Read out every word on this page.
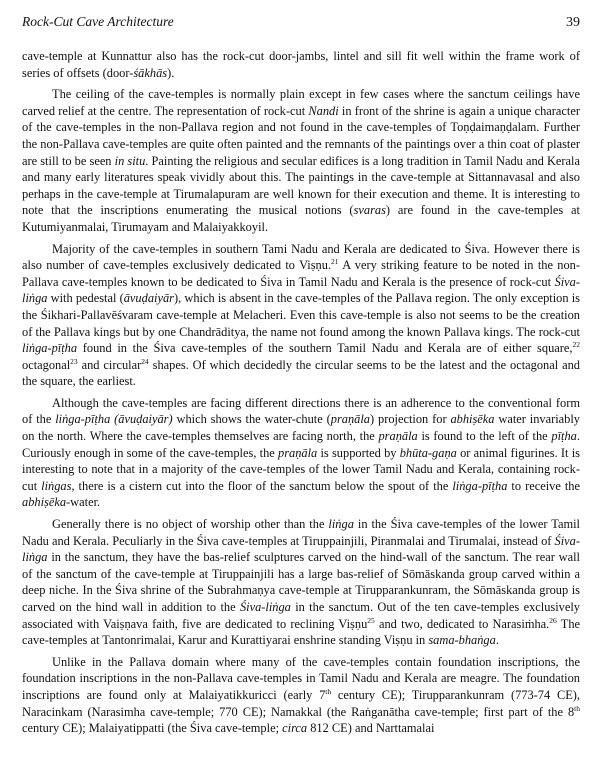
Rock-Cut Cave Architecture	39

cave-temple at Kunnattur also has the rock-cut door-jambs, lintel and sill fit well within the frame work of series of offsets (door-śākhās).

The ceiling of the cave-temples is normally plain except in few cases where the sanctum ceilings have carved relief at the centre. The representation of rock-cut Nandi in front of the shrine is again a unique character of the cave-temples in the non-Pallava region and not found in the cave-temples of Toṇḍaimaṇḍalam. Further the non-Pallava cave-temples are quite often painted and the remnants of the paintings over a thin coat of plaster are still to be seen in situ. Painting the religious and secular edifices is a long tradition in Tamil Nadu and Kerala and many early literatures speak vividly about this. The paintings in the cave-temple at Sittannavasal and also perhaps in the cave-temple at Tirumalapuram are well known for their execution and theme. It is interesting to note that the inscriptions enumerating the musical notions (svaras) are found in the cave-temples at Kutumiyanmalai, Tirumayam and Malaiyakkoyil.

Majority of the cave-temples in southern Tami Nadu and Kerala are dedicated to Śiva. However there is also number of cave-temples exclusively dedicated to Viṣṇu.$^{21}$ A very striking feature to be noted in the non-Pallava cave-temples known to be dedicated to Śiva in Tamil Nadu and Kerala is the presence of rock-cut Śiva-liṅga with pedestal (āvuḍaiyār), which is absent in the cave-temples of the Pallava region. The only exception is the Śikhari-Pallavēśvaram cave-temple at Melacheri. Even this cave-temple is also not seems to be the creation of the Pallava kings but by one Chandrāditya, the name not found among the known Pallava kings. The rock-cut liṅga-pīṭha found in the Śiva cave-temples of the southern Tamil Nadu and Kerala are of either square,$^{22}$ octagonal$^{23}$ and circular$^{24}$ shapes. Of which decidedly the circular seems to be the latest and the octagonal and the square, the earliest.

Although the cave-temples are facing different directions there is an adherence to the conventional form of the liṅga-pīṭha (āvuḍaiyār) which shows the water-chute (praṇāla) projection for abhiṣēka water invariably on the north. Where the cave-temples themselves are facing north, the praṇāla is found to the left of the pīṭha. Curiously enough in some of the cave-temples, the praṇāla is supported by bhūta-gaṇa or animal figurines. It is interesting to note that in a majority of the cave-temples of the lower Tamil Nadu and Kerala, containing rock-cut liṅgas, there is a cistern cut into the floor of the sanctum below the spout of the liṅga-pīṭha to receive the abhiṣēka-water.

Generally there is no object of worship other than the liṅga in the Śiva cave-temples of the lower Tamil Nadu and Kerala. Peculiarly in the Śiva cave-temples at Tiruppainjili, Piranmalai and Tirumalai, instead of Śiva-liṅga in the sanctum, they have the bas-relief sculptures carved on the hind-wall of the sanctum. The rear wall of the sanctum of the cave-temple at Tiruppainjili has a large bas-relief of Sōmāskanda group carved within a deep niche. In the Śiva shrine of the Subrahmaṇya cave-temple at Tirupparankunram, the Sōmāskanda group is carved on the hind wall in addition to the Śiva-liṅga in the sanctum. Out of the ten cave-temples exclusively associated with Vaiṣṇava faith, five are dedicated to reclining Viṣṇu$^{25}$ and two, dedicated to Narasiṁha.$^{26}$ The cave-temples at Tantonrimalai, Karur and Kurattiyarai enshrine standing Viṣṇu in sama-bhaṅga.

Unlike in the Pallava domain where many of the cave-temples contain foundation inscriptions, the foundation inscriptions in the non-Pallava cave-temples in Tamil Nadu and Kerala are meagre. The foundation inscriptions are found only at Malaiyatikkuricci (early 7th century CE); Tirupparankunram (773-74 CE), Naracinkam (Narasimha cave-temple; 770 CE); Namakkal (the Raṅganātha cave-temple; first part of the 8th century CE); Malaiyatippatti (the Śiva cave-temple; circa 812 CE) and Narttamalai
